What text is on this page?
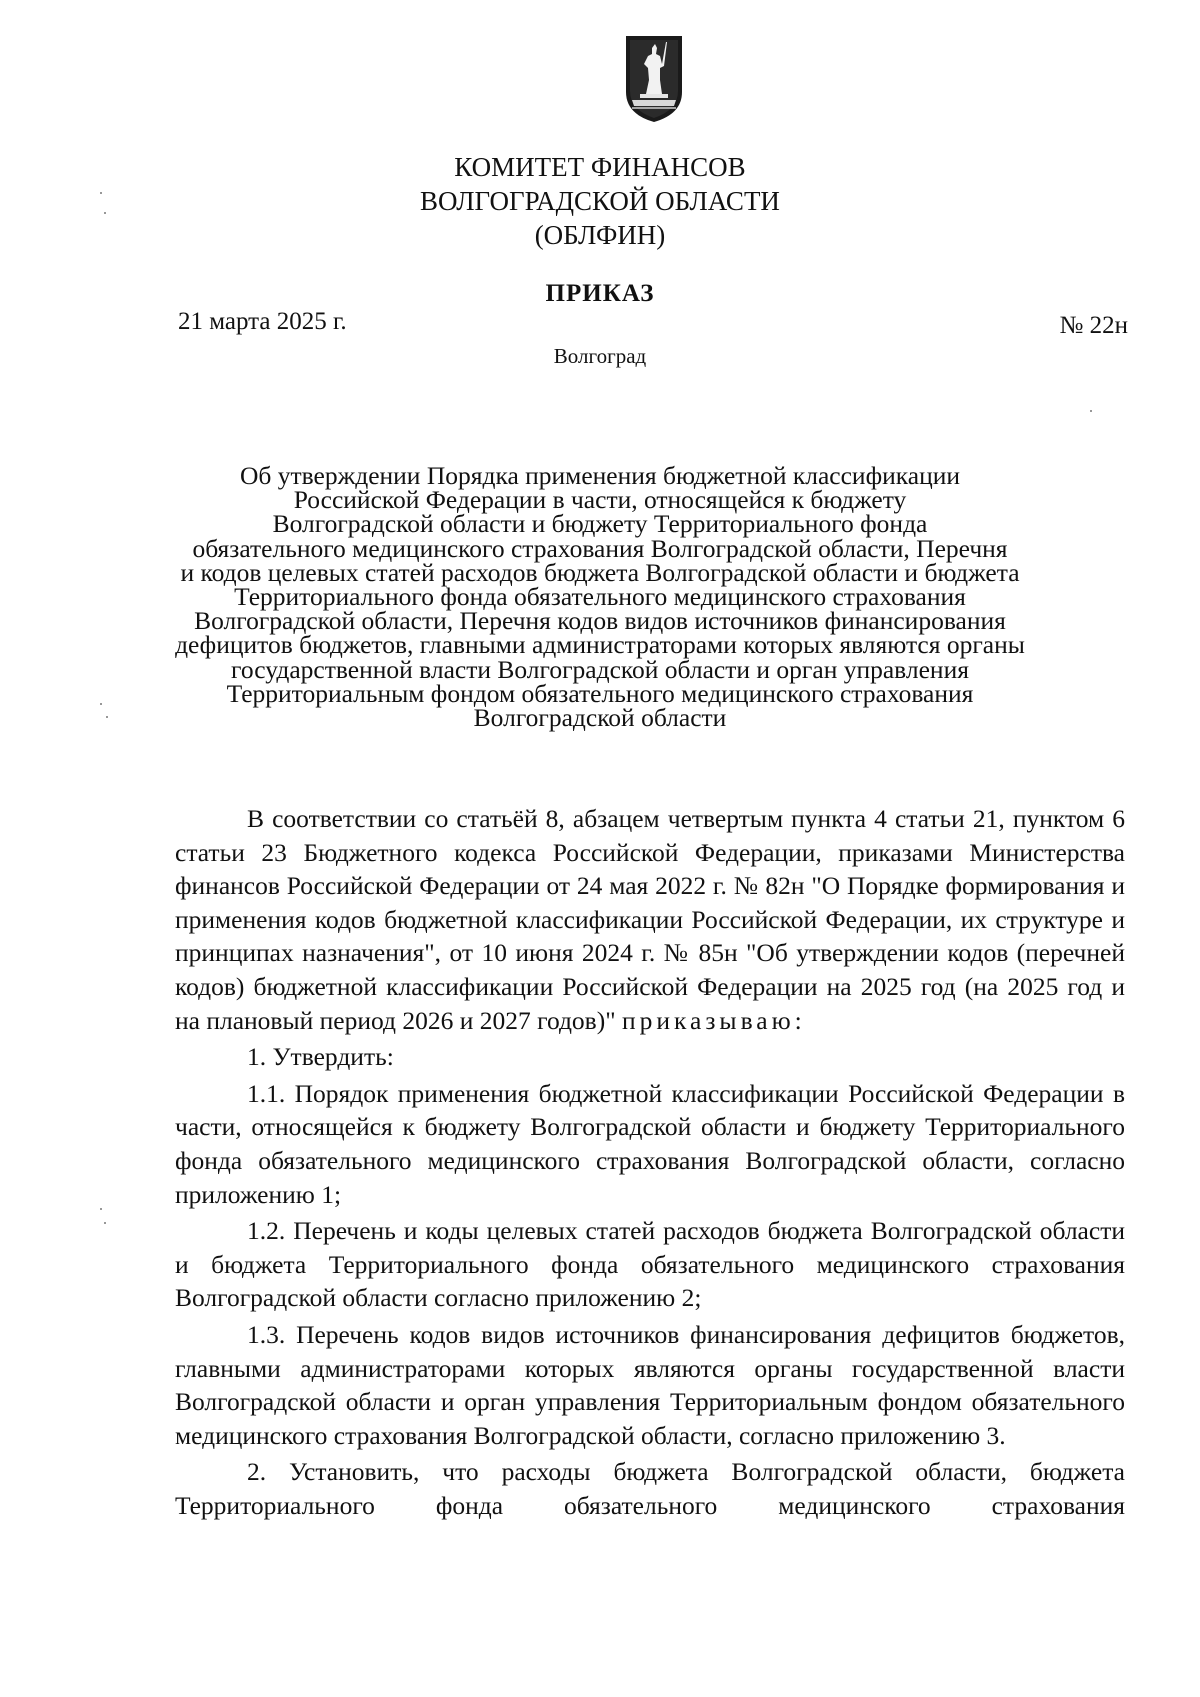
КОМИТЕТ ФИНАНСОВ
ВОЛГОГРАДСКОЙ ОБЛАСТИ
(ОБЛФИН)
ПРИКАЗ
21 марта 2025 г.	№ 22н
Волгоград
Об утверждении Порядка применения бюджетной классификации
Российской Федерации в части, относящейся к бюджету
Волгоградской области и бюджету Территориального фонда
обязательного медицинского страхования Волгоградской области, Перечня
и кодов целевых статей расходов бюджета Волгоградской области и бюджета
Территориального фонда обязательного медицинского страхования
Волгоградской области, Перечня кодов видов источников финансирования
дефицитов бюджетов, главными администраторами которых являются органы
государственной власти Волгоградской области и орган управления
Территориальным фондом обязательного медицинского страхования
Волгоградской области

В соответствии со статьёй 8, абзацем четвертым пункта 4 статьи 21, пунктом 6 статьи 23 Бюджетного кодекса Российской Федерации, приказами Министерства финансов Российской Федерации от 24 мая 2022 г. № 82н "О Порядке формирования и применения кодов бюджетной классификации Российской Федерации, их структуре и принципах назначения", от 10 июня 2024 г. № 85н "Об утверждении кодов (перечней кодов) бюджетной классификации Российской Федерации на 2025 год (на 2025 год и на плановый период 2026 и 2027 годов)" приказываю:

1. Утвердить:

1.1. Порядок применения бюджетной классификации Российской Федерации в части, относящейся к бюджету Волгоградской области и бюджету Территориального фонда обязательного медицинского страхования Волгоградской области, согласно приложению 1;

1.2. Перечень и коды целевых статей расходов бюджета Волгоградской области и бюджета Территориального фонда обязательного медицинского страхования Волгоградской области согласно приложению 2;

1.3. Перечень кодов видов источников финансирования дефицитов бюджетов, главными администраторами которых являются органы государственной власти Волгоградской области и орган управления Территориальным фондом обязательного медицинского страхования Волгоградской области, согласно приложению 3.

2. Установить, что расходы бюджета Волгоградской области, бюджета Территориального фонда обязательного медицинского страхования
